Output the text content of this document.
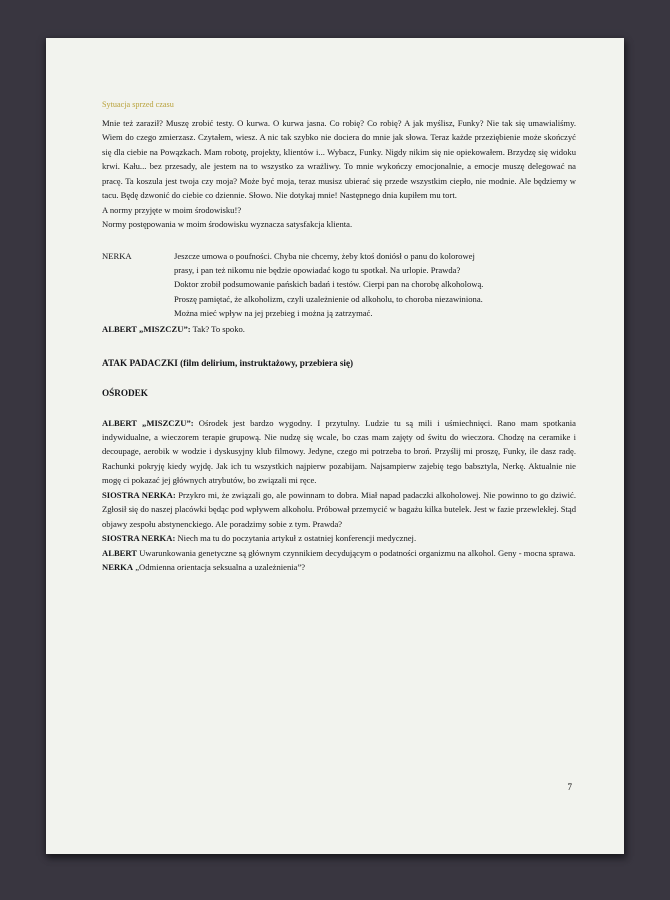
Sytuacja sprzed czasu
Mnie też zaraził? Muszę zrobić testy. O kurwa. O kurwa jasna. Co robię? Co robię? A jak myślisz, Funky? Nie tak się umawialiśmy. Wiem do czego zmierzasz. Czytałem, wiesz. A nic tak szybko nie dociera do mnie jak słowa. Teraz każde przeziębienie może skończyć się dla ciebie na Powązkach. Mam robotę, projekty, klientów i... Wybacz, Funky. Nigdy nikim się nie opiekowałem. Brzydzę się widoku krwi. Kału... bez przesady, ale jestem na to wszystko za wrażliwy. To mnie wykończy emocjonalnie, a emocje muszę delegować na pracę. Ta koszula jest twoja czy moja? Może być moja, teraz musisz ubierać się przede wszystkim ciepło, nie modnie. Ale będziemy w tacu. Będę dzwonić do ciebie co dziennie. Słowo. Nie dotykaj mnie! Następnego dnia kupiłem mu tort.
A normy przyjęte w moim środowisku!?
Normy postępowania w moim środowisku wyznacza satysfakcja klienta.
NERKA	Jeszcze umowa o poufności. Chyba nie chcemy, żeby ktoś doniósł o panu do kolorowej
prasy, i pan też nikomu nie będzie opowiadać kogo tu spotkał. Na urlopie. Prawda?
Doktor zrobił podsumowanie pańskich badań i testów. Cierpi pan na chorobę alkoholową.
Proszę pamiętać, że alkoholizm, czyli uzależnienie od alkoholu, to choroba niezawiniona.
Można mieć wpływ na jej przebieg i można ją zatrzymać.
ALBERT „MISZCZU”: Tak? To spoko.
ATAK PADACZKI (film delirium, instruktażowy, przebiera się)
OŚRODEK
ALBERT „MISZCZU”: Ośrodek jest bardzo wygodny. I przytulny. Ludzie tu są mili i uśmiechnięci. Rano mam spotkania indywidualne, a wieczorem terapie grupową. Nie nudzę się wcale, bo czas mam zajęty od świtu do wieczora. Chodzę na ceramike i decoupage, aerobik w wodzie i dyskusyjny klub filmowy. Jedyne, czego mi potrzeba to broń. Przyślij mi proszę, Funky, ile dasz radę. Rachunki pokryję kiedy wyjdę. Jak ich tu wszystkich najpierw pozabijam. Najsampierw zajebię tego babsztyla, Nerkę. Aktualnie nie mogę ci pokazać jej głównych atrybutów, bo związali mi ręce.
SIOSTRA NERKA: Przykro mi, że związali go, ale powinnam to dobra. Miał napad padaczki alkoholowej. Nie powinno to go dziwić. Zgłosił się do naszej placówki będąc pod wpływem alkoholu. Próbował przemycić w bagażu kilka butelek. Jest w fazie przewlekłej. Stąd objawy zespołu abstynenckiego. Ale poradzimy sobie z tym. Prawda?
SIOSTRA NERKA: Niech ma tu do poczytania artykuł z ostatniej konferencji medycznej.
ALBERT Uwarunkowania genetyczne są głównym czynnikiem decydującym o podatności organizmu na alkohol. Geny - mocna sprawa.
NERKA „Odmienna orientacja seksualna a uzależnienia”?
7
